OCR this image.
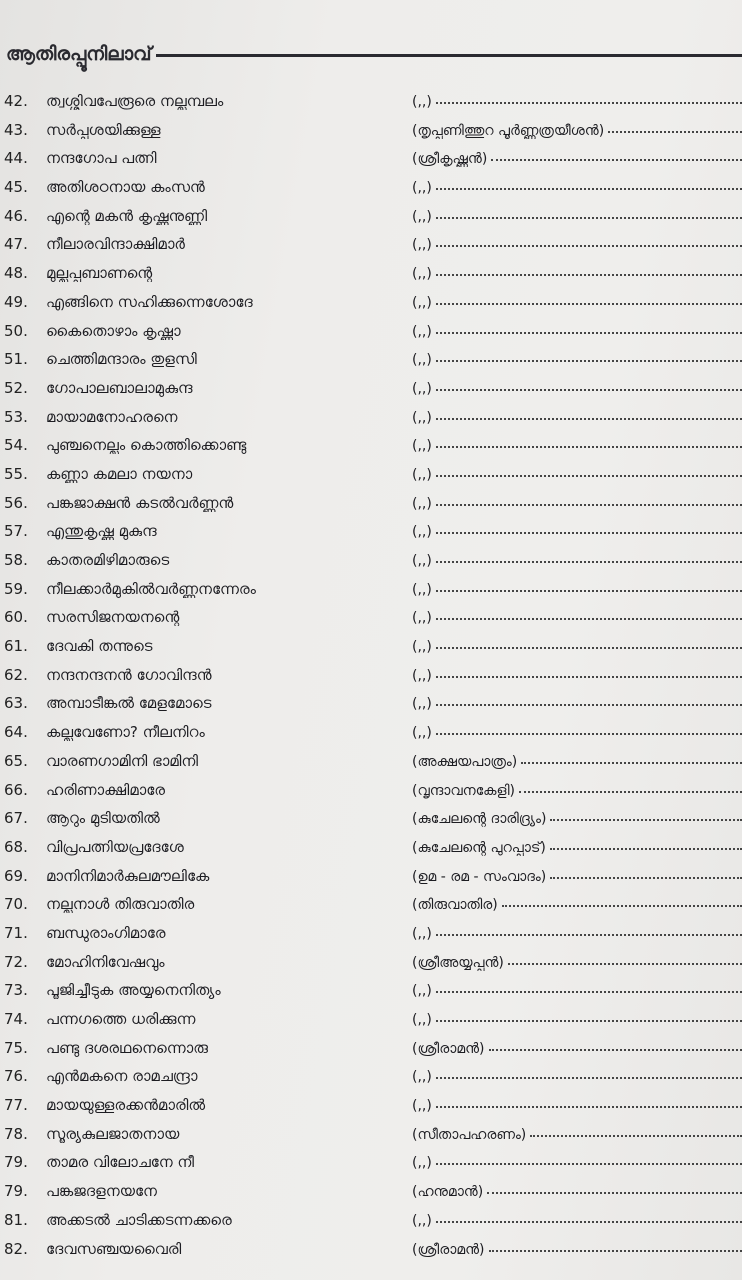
ആതിരപ്പൂനിലാവ്
42.	ത്വശ്ശിവപേരൂരെ നല്ലമ്പലം	(,,)
43.	സർപ്പശയിക്കുള്ള	(തൃപ്പൂണിത്തുറ പൂർണ്ണത്രയീശൻ)
44.	നന്ദഗോപ പത്നി	(ശ്രീകൃഷ്ണൻ)
45.	അതിശഠനായ കംസൻ	(,,)
46.	എന്റെ മകൻ കൃഷ്ണനുണ്ണി	(,,)
47.	നീലാരവിന്ദാക്ഷിമാർ	(,,)
48.	മുല്ലപ്പൂബാണന്റെ	(,,)
49.	എങ്ങിനെ സഹിക്കുന്നെശോദേ	(,,)
50.	കൈതൊഴാം കൃഷ്ണാ	(,,)
51.	ചെത്തിമന്ദാരം തുളസി	(,,)
52.	ഗോപാലബാലാമുകുന്ദ	(,,)
53.	മായാമനോഹരനെ	(,,)
54.	പുഞ്ചനെല്ലും കൊത്തിക്കൊണ്ടു	(,,)
55.	കണ്ണാ കമലാ നയനാ	(,,)
56.	പങ്കജാക്ഷൻ കടൽവർണ്ണൻ	(,,)
57.	എന്തുകൃഷ്ണ മുകുന്ദ	(,,)
58.	കാതരമിഴിമാരുടെ	(,,)
59.	നീലക്കാർമുകിൽവർണ്ണനന്നേരം	(,,)
60.	സരസിജനയനന്റെ	(,,)
61.	ദേവകി തന്നുടെ	(,,)
62.	നന്ദനന്ദനൻ ഗോവിന്ദൻ	(,,)
63.	അമ്പാടീങ്കൽ മേളമോടെ	(,,)
64.	കല്ലുവേണോ? നീലനിറം	(,,)
65.	വാരണഗാമിനി ഭാമിനി	(അക്ഷയപാത്രം)
66.	ഹരിണാക്ഷിമാരേ	(വൃന്ദാവനകേളി)
67.	ആറും മുടിയതിൽ	(കുചേലന്റെ ദാരിദ്ര്യം)
68.	വിപ്രപത്നിയപ്രദേശേ	(കുചേലന്റെ പുറപ്പാട്)
69.	മാനിനിമാർകുലമൗലികേ	(ഉമ - രമ - സംവാദം)
70.	നല്ലനാൾ തിരുവാതിര	(തിരുവാതിര)
71.	ബന്ധുരാംഗിമാരേ	(,,)
72.	മോഹിനിവേഷവും	(ശ്രീഅയ്യപ്പൻ)
73.	പൂജിച്ചീടുക അയ്യനെനിത്യം	(,,)
74.	പന്നഗത്തെ ധരിക്കുന്ന	(,,)
75.	പണ്ടു ദശരഥനെന്നൊരു	(ശ്രീരാമൻ)
76.	എൻമകനെ രാമചന്ദ്രാ	(,,)
77.	മായയുള്ളരക്കൻമാരിൽ	(,,)
78.	സൂര്യകുലജാതനായ	(സീതാപഹരണം)
79.	താമര വിലോചനേ നീ	(,,)
79.	പങ്കജദളനയനേ	(ഹനുമാൻ)
81.	അക്കടൽ ചാടിക്കടന്നക്കരെ	(,,)
82.	ദേവസഞ്ചയവൈരി	(ശ്രീരാമൻ)
